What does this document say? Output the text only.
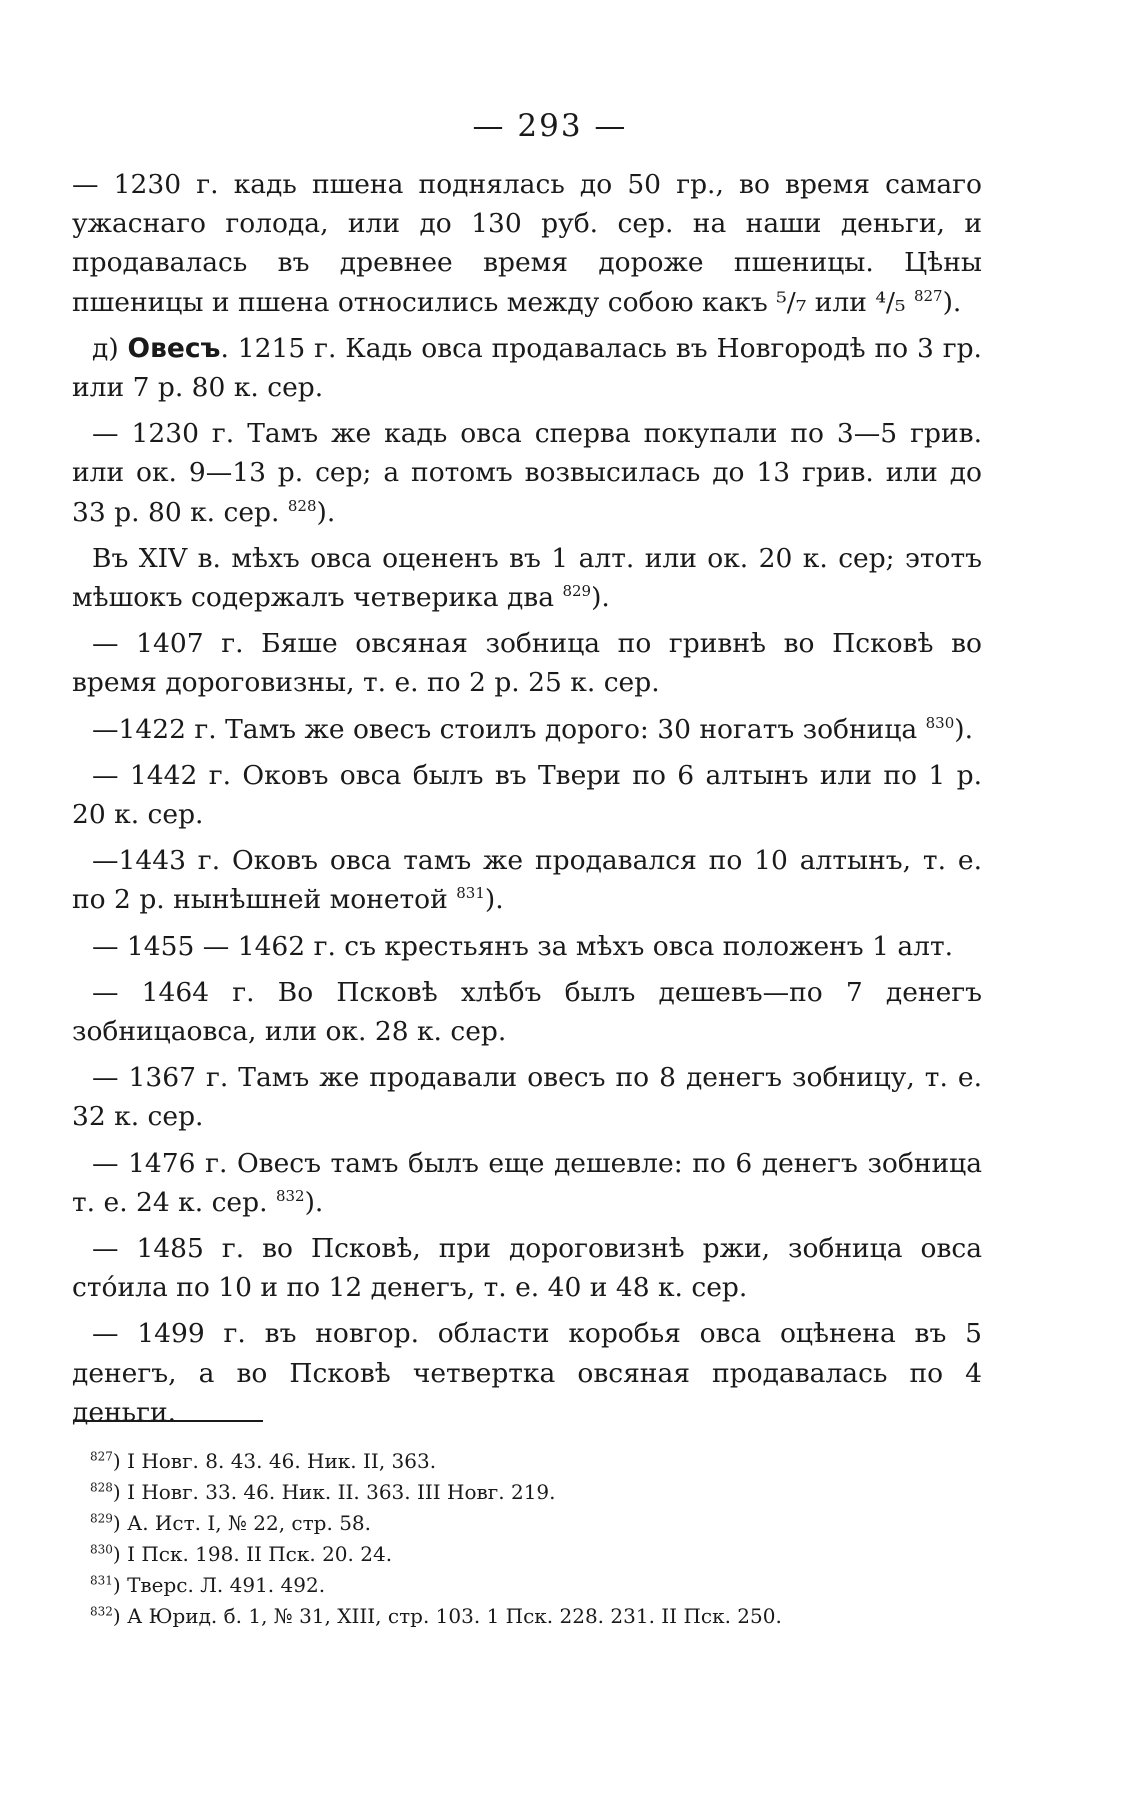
— 293 —

— 1230 г. кадь пшена поднялась до 50 гр., во время самаго ужаснаго голода, или до 130 руб. сер. на наши деньги, и продавалась въ древнее время дороже пшеницы. Цѣны пшеницы и пшена относились между собою какъ ⁵/₇ или ⁴/₅ $^{827}$).

д) Овесъ. 1215 г. Кадь овса продавалась въ Новгородѣ по 3 гр. или 7 р. 80 к. сер.

— 1230 г. Тамъ же кадь овса сперва покупали по 3—5 грив. или ок. 9—13 р. сер; а потомъ возвысилась до 13 грив. или до 33 р. 80 к. сер. $^{828}$).

Въ XIV в. мѣхъ овса оцененъ въ 1 алт. или ок. 20 к. сер; этотъ мѣшокъ содержалъ четверика два $^{829}$).

— 1407 г. Бяше овсяная зобница по гривнѣ во Псковѣ во время дороговизны, т. е. по 2 р. 25 к. сер.

—1422 г. Тамъ же овесъ стоилъ дорого: 30 ногатъ зобница $^{830}$).

— 1442 г. Оковъ овса былъ въ Твери по 6 алтынъ или по 1 р. 20 к. сер.

—1443 г. Оковъ овса тамъ же продавался по 10 алтынъ, т. е. по 2 р. нынѣшней монетой $^{831}$).

— 1455 — 1462 г. съ крестьянъ за мѣхъ овса положенъ 1 алт.

— 1464 г. Во Псковѣ хлѣбъ былъ дешевъ—по 7 денегъ зобницаовса, или ок. 28 к. сер.

— 1367 г. Тамъ же продавали овесъ по 8 денегъ зобницу, т. е. 32 к. сер.

— 1476 г. Овесъ тамъ былъ еще дешевле: по 6 денегъ зобница т. е. 24 к. сер. $^{832}$).

— 1485 г. во Псковѣ, при дороговизнѣ ржи, зобница овса стóила по 10 и по 12 денегъ, т. е. 40 и 48 к. сер.

— 1499 г. въ новгор. области коробья овса оцѣнена въ 5 денегъ, а во Псковѣ четвертка овсяная продавалась по 4 деньги.

$^{827}$) I Новг. 8. 43. 46. Ник. II, 363.

$^{828}$) I Новг. 33. 46. Ник. II. 363. III Новг. 219.

$^{829}$) А. Ист. I, № 22, стр. 58.

$^{830}$) I Пск. 198. II Пск. 20. 24.

$^{831}$) Тверс. Л. 491. 492.

$^{832}$) А Юрид. б. 1, № 31, XIII, стр. 103. 1 Пск. 228. 231. II Пск. 250.
